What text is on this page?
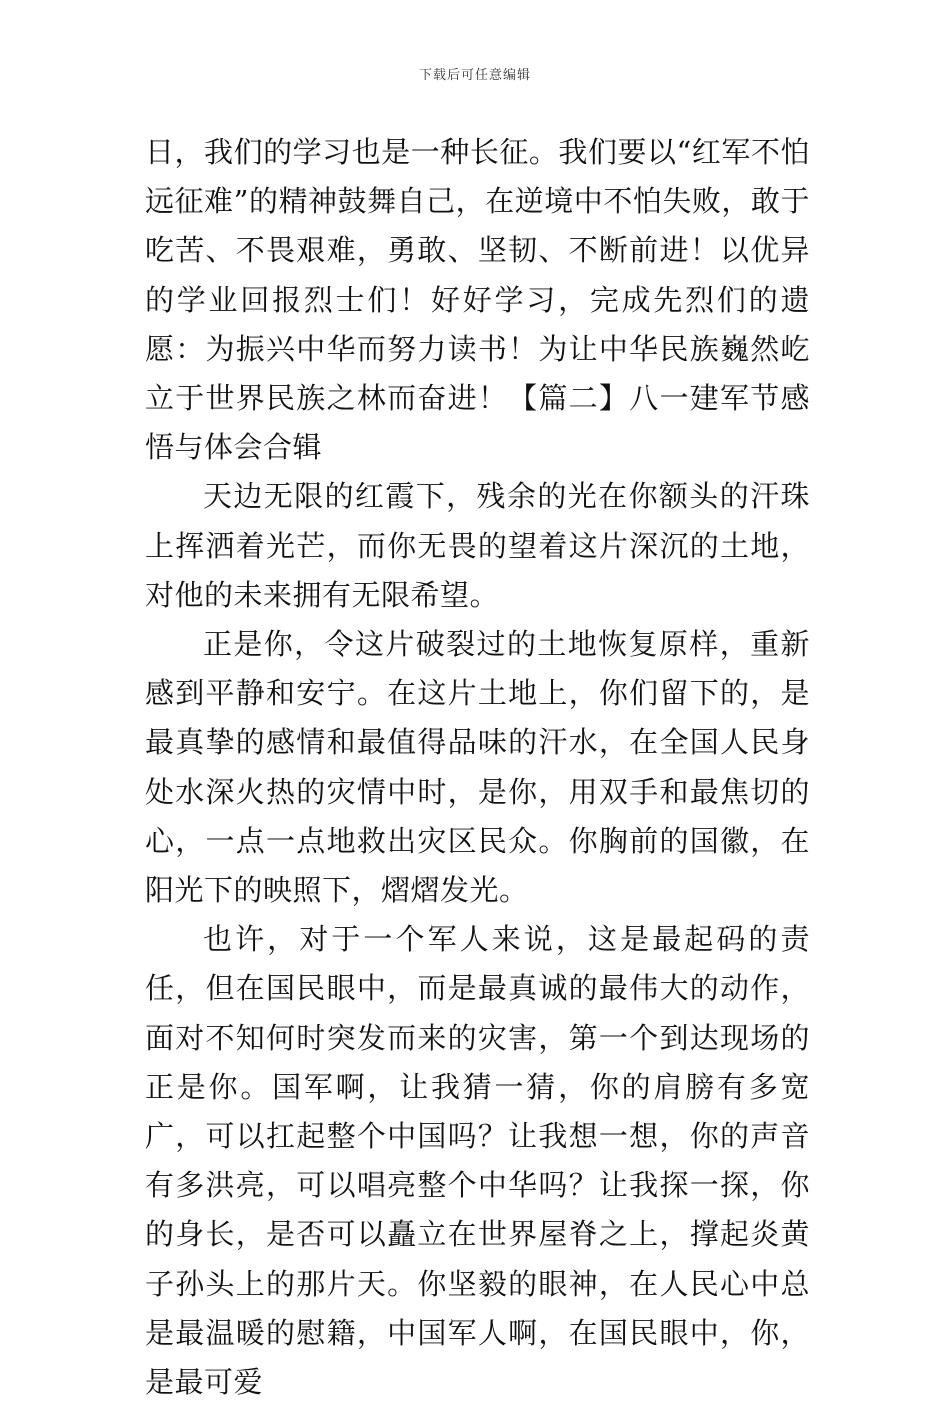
下载后可任意编辑

日，我们的学习也是一种长征。我们要以“红军不怕远征难”的精神鼓舞自己，在逆境中不怕失败，敢于吃苦、不畏艰难，勇敢、坚韧、不断前进！以优异的学业回报烈士们！好好学习，完成先烈们的遗愿：为振兴中华而努力读书！为让中华民族巍然屹立于世界民族之林而奋进！【篇二】八一建军节感悟与体会合辑

天边无限的红霞下，残余的光在你额头的汗珠上挥洒着光芒，而你无畏的望着这片深沉的土地，对他的未来拥有无限希望。

正是你，令这片破裂过的土地恢复原样，重新感到平静和安宁。在这片土地上，你们留下的，是最真挚的感情和最值得品味的汗水，在全国人民身处水深火热的灾情中时，是你，用双手和最焦切的心，一点一点地救出灾区民众。你胸前的国徽，在阳光下的映照下，熠熠发光。

也许，对于一个军人来说，这是最起码的责任，但在国民眼中，而是最真诚的最伟大的动作，面对不知何时突发而来的灾害，第一个到达现场的正是你。国军啊，让我猜一猜，你的肩膀有多宽广，可以扛起整个中国吗？让我想一想，你的声音有多洪亮，可以唱亮整个中华吗？让我探一探，你的身长，是否可以矗立在世界屋脊之上，撑起炎黄子孙头上的那片天。你坚毅的眼神，在人民心中总是最温暖的慰籍，中国军人啊，在国民眼中，你，是最可爱
